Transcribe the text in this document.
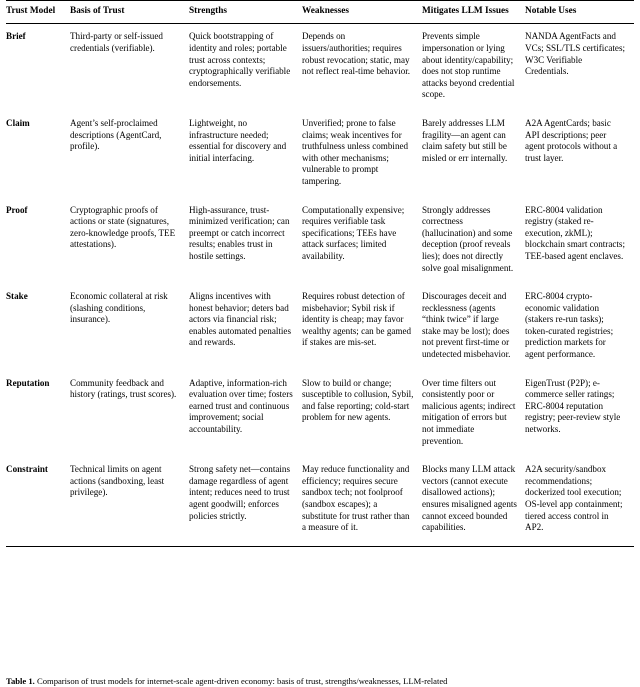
Trust Model	Basis of Trust	Strengths	Weaknesses	Mitigates LLM Issues	Notable Uses
Brief	Third-party or self-issued credentials (verifiable).	Quick bootstrapping of identity and roles; portable trust across contexts; cryptographically verifiable endorsements.	Depends on issuers/authorities; requires robust revocation; static, may not reflect real-time behavior.	Prevents simple impersonation or lying about identity/capability; does not stop runtime attacks beyond credential scope.	NANDA AgentFacts and VCs; SSL/TLS certificates; W3C Verifiable Credentials.
Claim	Agent’s self-proclaimed descriptions (AgentCard, profile).	Lightweight, no infrastructure needed; essential for discovery and initial interfacing.	Unverified; prone to false claims; weak incentives for truthfulness unless combined with other mechanisms; vulnerable to prompt tampering.	Barely addresses LLM fragility—an agent can claim safety but still be misled or err internally.	A2A AgentCards; basic API descriptions; peer agent protocols without a trust layer.
Proof	Cryptographic proofs of actions or state (signatures, zero-knowledge proofs, TEE attestations).	High-assurance, trust-minimized verification; can preempt or catch incorrect results; enables trust in hostile settings.	Computationally expensive; requires verifiable task specifications; TEEs have attack surfaces; limited availability.	Strongly addresses correctness (hallucination) and some deception (proof reveals lies); does not directly solve goal misalignment.	ERC-8004 validation registry (staked re-execution, zkML); blockchain smart contracts; TEE-based agent enclaves.
Stake	Economic collateral at risk (slashing conditions, insurance).	Aligns incentives with honest behavior; deters bad actors via financial risk; enables automated penalties and rewards.	Requires robust detection of misbehavior; Sybil risk if identity is cheap; may favor wealthy agents; can be gamed if stakes are mis-set.	Discourages deceit and recklessness (agents “think twice” if large stake may be lost); does not prevent first-time or undetected misbehavior.	ERC-8004 crypto-economic validation (stakers re-run tasks); token-curated registries; prediction markets for agent performance.
Reputation	Community feedback and history (ratings, trust scores).	Adaptive, information-rich evaluation over time; fosters earned trust and continuous improvement; social accountability.	Slow to build or change; susceptible to collusion, Sybil, and false reporting; cold-start problem for new agents.	Over time filters out consistently poor or malicious agents; indirect mitigation of errors but not immediate prevention.	EigenTrust (P2P); e-commerce seller ratings; ERC-8004 reputation registry; peer-review style networks.
Constraint	Technical limits on agent actions (sandboxing, least privilege).	Strong safety net—contains damage regardless of agent intent; reduces need to trust agent goodwill; enforces policies strictly.	May reduce functionality and efficiency; requires secure sandbox tech; not foolproof (sandbox escapes); a substitute for trust rather than a measure of it.	Blocks many LLM attack vectors (cannot execute disallowed actions); ensures misaligned agents cannot exceed bounded capabilities.	A2A security/sandbox recommendations; dockerized tool execution; OS-level app containment; tiered access control in AP2.
Table 1. Comparison of trust models for internet-scale agent-driven economy: basis of trust, strengths/weaknesses, LLM-related
